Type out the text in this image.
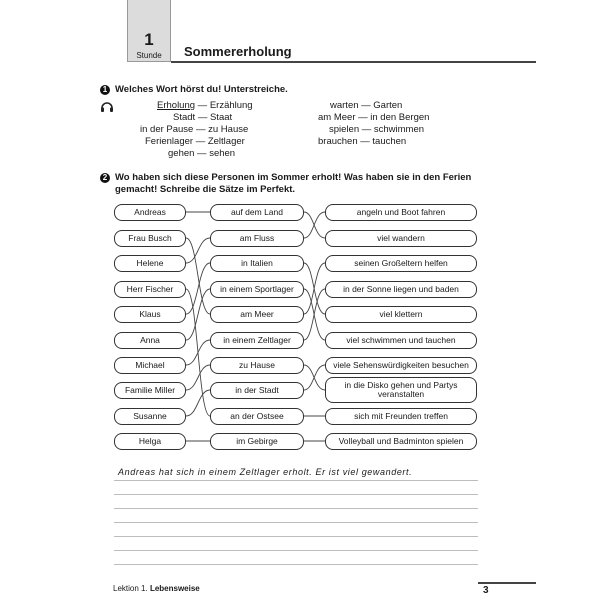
1
Stunde	Sommererholung
1 Welches Wort hörst du! Unterstreiche.
Erholung — Erzählung
Stadt — Staat
in der Pause — zu Hause
Ferienlager — Zeltlager
gehen — sehen
warten — Garten
am Meer — in den Bergen
spielen — schwimmen
brauchen — tauchen
2 Wo haben sich diese Personen im Sommer erholt! Was haben sie in den Ferien
gemacht! Schreibe die Sätze im Perfekt.
Andreas
Frau Busch
Helene
Herr Fischer
Klaus
Anna
Michael
Familie Miller
Susanne
Helga
auf dem Land
am Fluss
in Italien
in einem Sportlager
am Meer
in einem Zeltlager
zu Hause
in der Stadt
an der Ostsee
im Gebirge
angeln und Boot fahren
viel wandern
seinen Großeltern helfen
in der Sonne liegen und baden
viel klettern
viel schwimmen und tauchen
viele Sehenswürdigkeiten besuchen
in die Disko gehen und Partys veranstalten
sich mit Freunden treffen
Volleyball und Badminton spielen
Andreas hat sich in einem Zeltlager erholt. Er ist viel gewandert.
Lektion 1. Lebensweise	3
